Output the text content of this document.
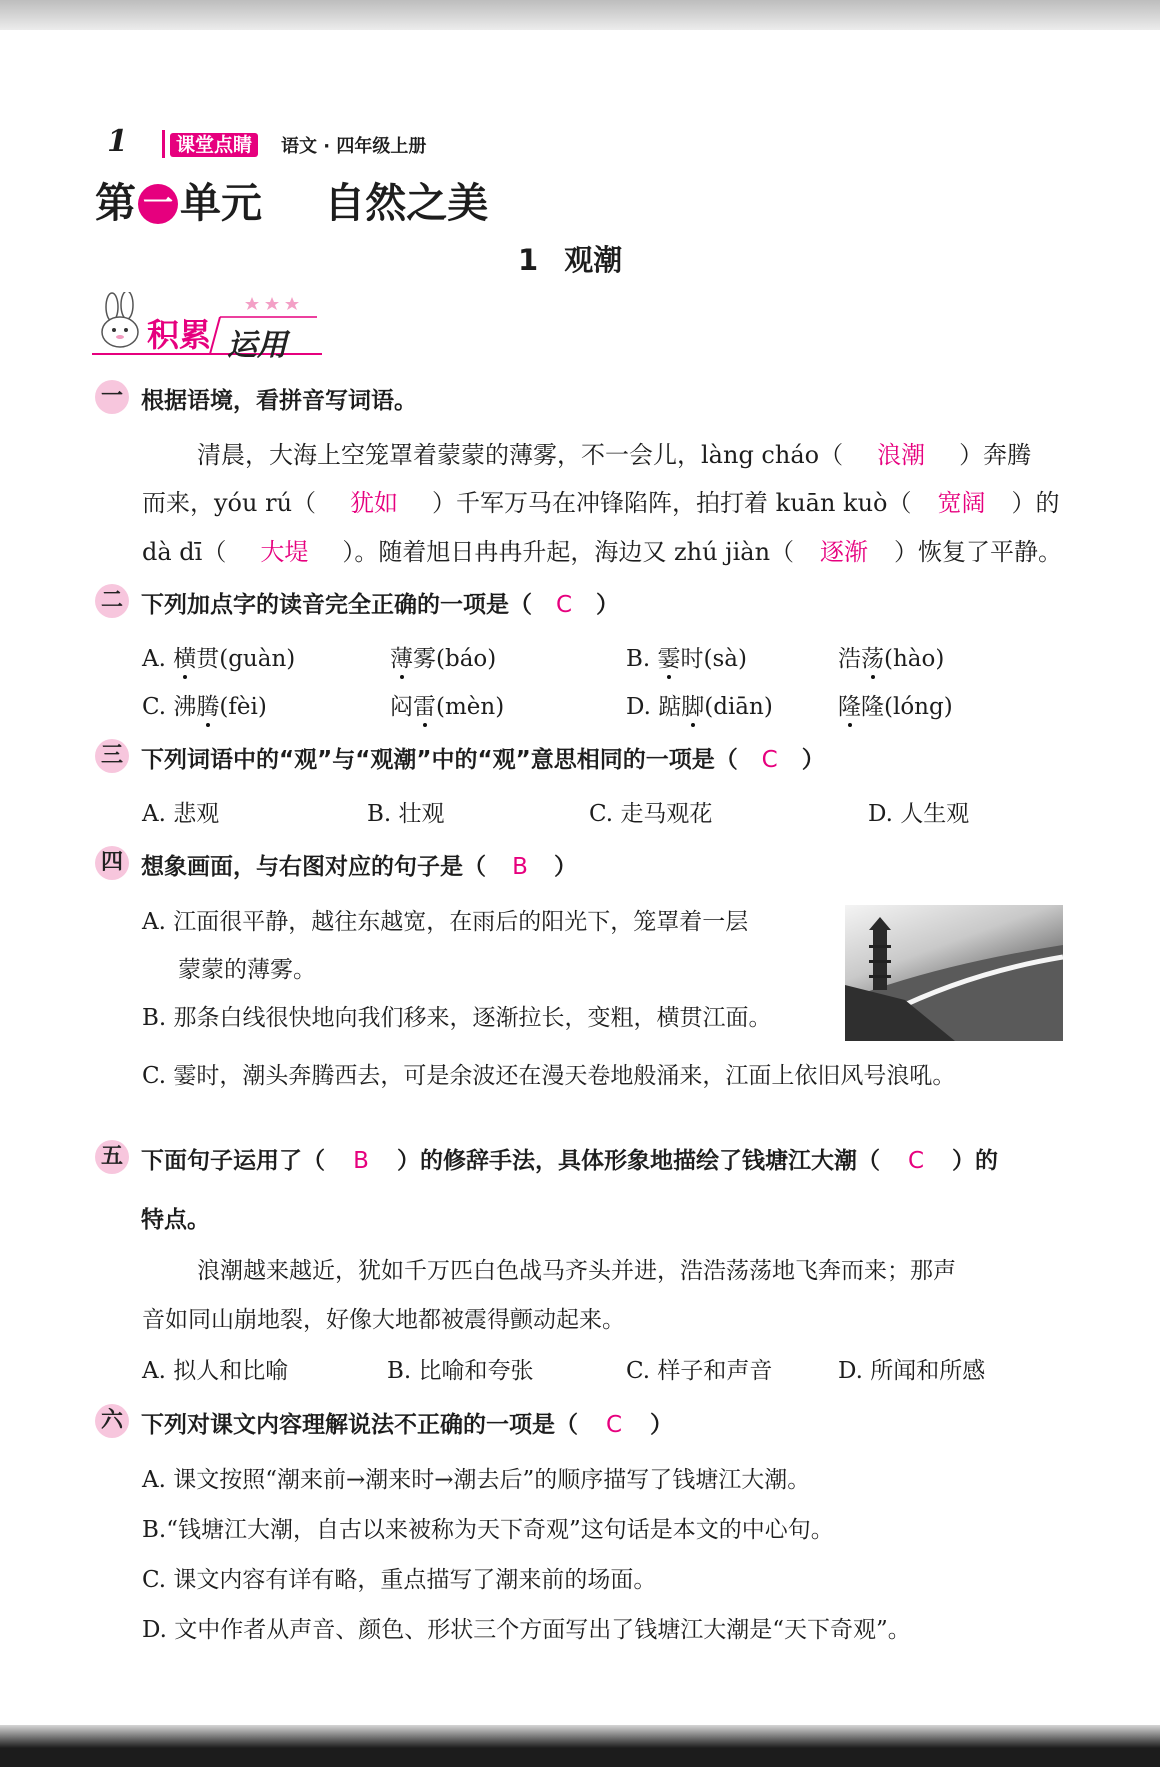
1	课堂点睛	语文 · 四年级上册
第 一 单元 自然之美
1 观潮
积累 运用
一 根据语境，看拼音写词语。
清晨，大海上空笼罩着蒙蒙的薄雾，不一会儿，làng cháo（ 浪潮 ）奔腾
而来，yóu rú（ 犹如 ）千军万马在冲锋陷阵，拍打着 kuān kuò（ 宽阔 ）的
dà dī（ 大堤 ）。随着旭日冉冉升起，海边又 zhú jiàn（ 逐渐 ）恢复了平静。
二 下列加点字的读音完全正确的一项是（ C ）
A. 横贯(guàn)	薄雾(báo)	B. 霎时(sà)	浩荡(hào)
C. 沸腾(fèi)	闷雷(mèn)	D. 踮脚(diān)	隆隆(lóng)
三 下列词语中的“观”与“观潮”中的“观”意思相同的一项是（ C ）
A. 悲观	B. 壮观	C. 走马观花	D. 人生观
四 想象画面，与右图对应的句子是（ B ）
A. 江面很平静，越往东越宽，在雨后的阳光下，笼罩着一层
蒙蒙的薄雾。
B. 那条白线很快地向我们移来，逐渐拉长，变粗，横贯江面。
C. 霎时，潮头奔腾西去，可是余波还在漫天卷地般涌来，江面上依旧风号浪吼。
五 下面句子运用了（ B ）的修辞手法，具体形象地描绘了钱塘江大潮（ C ）的
特点。
浪潮越来越近，犹如千万匹白色战马齐头并进，浩浩荡荡地飞奔而来；那声
音如同山崩地裂，好像大地都被震得颤动起来。
A. 拟人和比喻	B. 比喻和夸张	C. 样子和声音	D. 所闻和所感
六 下列对课文内容理解说法不正确的一项是（ C ）
A. 课文按照“潮来前→潮来时→潮去后”的顺序描写了钱塘江大潮。
B.“钱塘江大潮，自古以来被称为天下奇观”这句话是本文的中心句。
C. 课文内容有详有略，重点描写了潮来前的场面。
D. 文中作者从声音、颜色、形状三个方面写出了钱塘江大潮是“天下奇观”。
